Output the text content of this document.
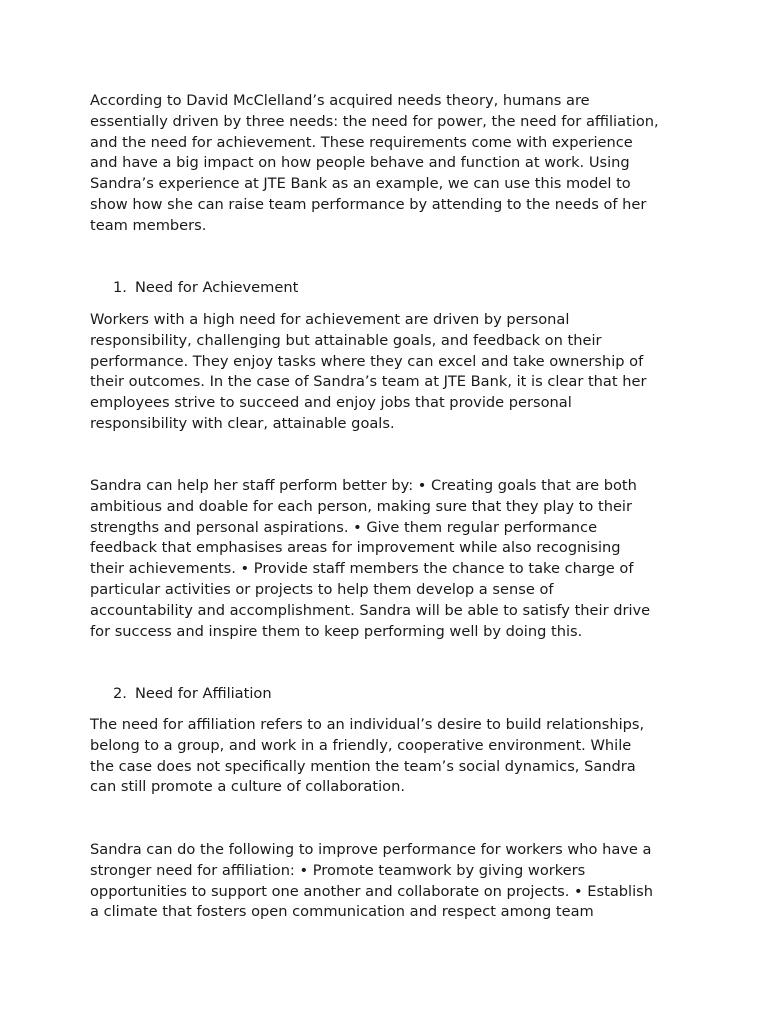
According to David McClelland’s acquired needs theory, humans are
essentially driven by three needs: the need for power, the need for affiliation,
and the need for achievement. These requirements come with experience
and have a big impact on how people behave and function at work. Using
Sandra’s experience at JTE Bank as an example, we can use this model to
show how she can raise team performance by attending to the needs of her
team members.

1. Need for Achievement

Workers with a high need for achievement are driven by personal
responsibility, challenging but attainable goals, and feedback on their
performance. They enjoy tasks where they can excel and take ownership of
their outcomes. In the case of Sandra’s team at JTE Bank, it is clear that her
employees strive to succeed and enjoy jobs that provide personal
responsibility with clear, attainable goals.

Sandra can help her staff perform better by: • Creating goals that are both
ambitious and doable for each person, making sure that they play to their
strengths and personal aspirations. • Give them regular performance
feedback that emphasises areas for improvement while also recognising
their achievements. • Provide staff members the chance to take charge of
particular activities or projects to help them develop a sense of
accountability and accomplishment. Sandra will be able to satisfy their drive
for success and inspire them to keep performing well by doing this.

2. Need for Affiliation

The need for affiliation refers to an individual’s desire to build relationships,
belong to a group, and work in a friendly, cooperative environment. While
the case does not specifically mention the team’s social dynamics, Sandra
can still promote a culture of collaboration.

Sandra can do the following to improve performance for workers who have a
stronger need for affiliation: • Promote teamwork by giving workers
opportunities to support one another and collaborate on projects. • Establish
a climate that fosters open communication and respect among team
